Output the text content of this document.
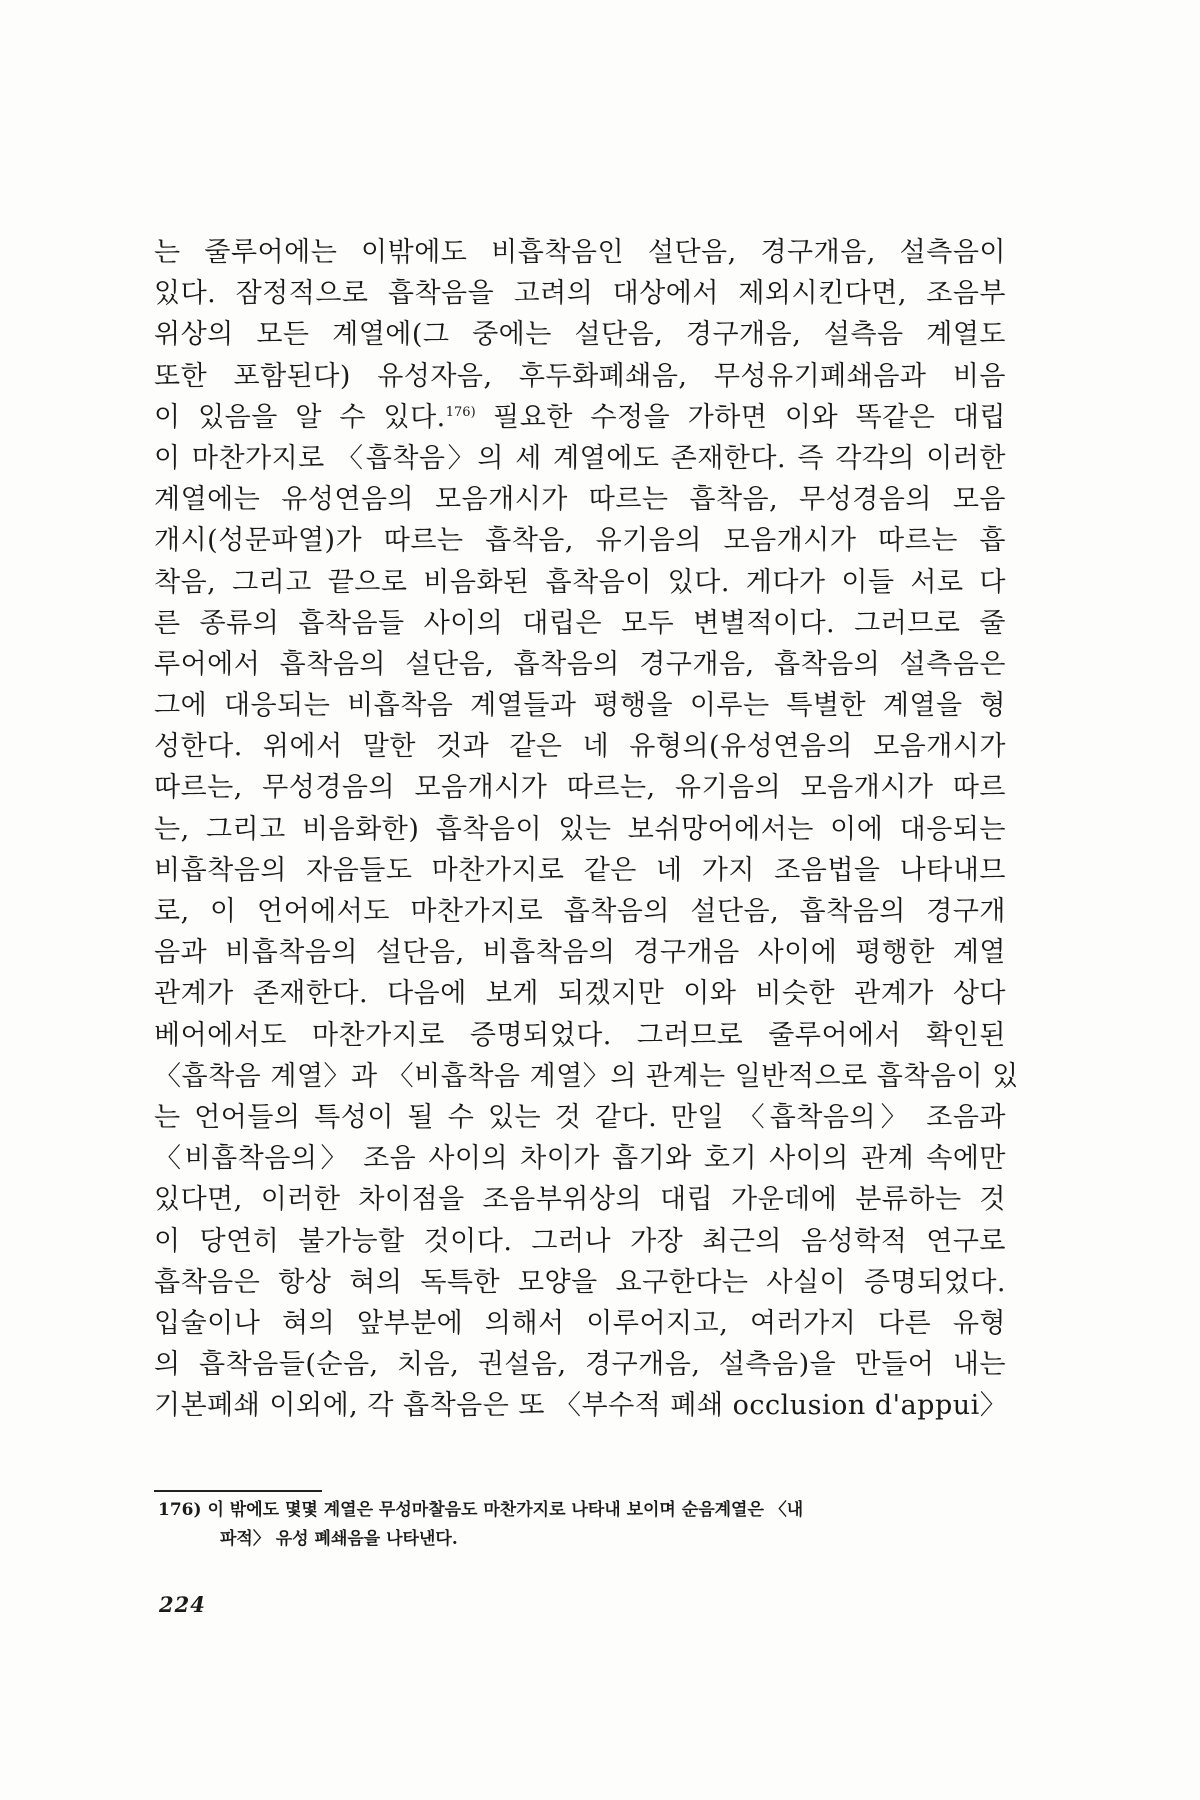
는 줄루어에는 이밖에도 비흡착음인 설단음, 경구개음, 설측음이
있다. 잠정적으로 흡착음을 고려의 대상에서 제외시킨다면, 조음부
위상의 모든 계열에(그 중에는 설단음, 경구개음, 설측음 계열도
또한 포함된다) 유성자음, 후두화폐쇄음, 무성유기폐쇄음과 비음
이 있음을 알 수 있다.$^{176)}$ 필요한 수정을 가하면 이와 똑같은 대립
이 마찬가지로 〈흡착음〉의 세 계열에도 존재한다. 즉 각각의 이러한
계열에는 유성연음의 모음개시가 따르는 흡착음, 무성경음의 모음
개시(성문파열)가 따르는 흡착음, 유기음의 모음개시가 따르는 흡
착음, 그리고 끝으로 비음화된 흡착음이 있다. 게다가 이들 서로 다
른 종류의 흡착음들 사이의 대립은 모두 변별적이다. 그러므로 줄
루어에서 흡착음의 설단음, 흡착음의 경구개음, 흡착음의 설측음은
그에 대응되는 비흡착음 계열들과 평행을 이루는 특별한 계열을 형
성한다. 위에서 말한 것과 같은 네 유형의(유성연음의 모음개시가
따르는, 무성경음의 모음개시가 따르는, 유기음의 모음개시가 따르
는, 그리고 비음화한) 흡착음이 있는 보쉬망어에서는 이에 대응되는
비흡착음의 자음들도 마찬가지로 같은 네 가지 조음법을 나타내므
로, 이 언어에서도 마찬가지로 흡착음의 설단음, 흡착음의 경구개
음과 비흡착음의 설단음, 비흡착음의 경구개음 사이에 평행한 계열
관계가 존재한다. 다음에 보게 되겠지만 이와 비슷한 관계가 상다
베어에서도 마찬가지로 증명되었다. 그러므로 줄루어에서 확인된
〈흡착음 계열〉과 〈비흡착음 계열〉의 관계는 일반적으로 흡착음이 있
는 언어들의 특성이 될 수 있는 것 같다. 만일 〈흡착음의〉 조음과
〈비흡착음의〉 조음 사이의 차이가 흡기와 호기 사이의 관계 속에만
있다면, 이러한 차이점을 조음부위상의 대립 가운데에 분류하는 것
이 당연히 불가능할 것이다. 그러나 가장 최근의 음성학적 연구로
흡착음은 항상 혀의 독특한 모양을 요구한다는 사실이 증명되었다.
입술이나 혀의 앞부분에 의해서 이루어지고, 여러가지 다른 유형
의 흡착음들(순음, 치음, 권설음, 경구개음, 설측음)을 만들어 내는
기본폐쇄 이외에, 각 흡착음은 또 〈부수적 폐쇄 occlusion d'appui〉
176) 이 밖에도 몇몇 계열은 무성마찰음도 마찬가지로 나타내 보이며 순음계열은 〈내
파적〉 유성 폐쇄음을 나타낸다.
224
